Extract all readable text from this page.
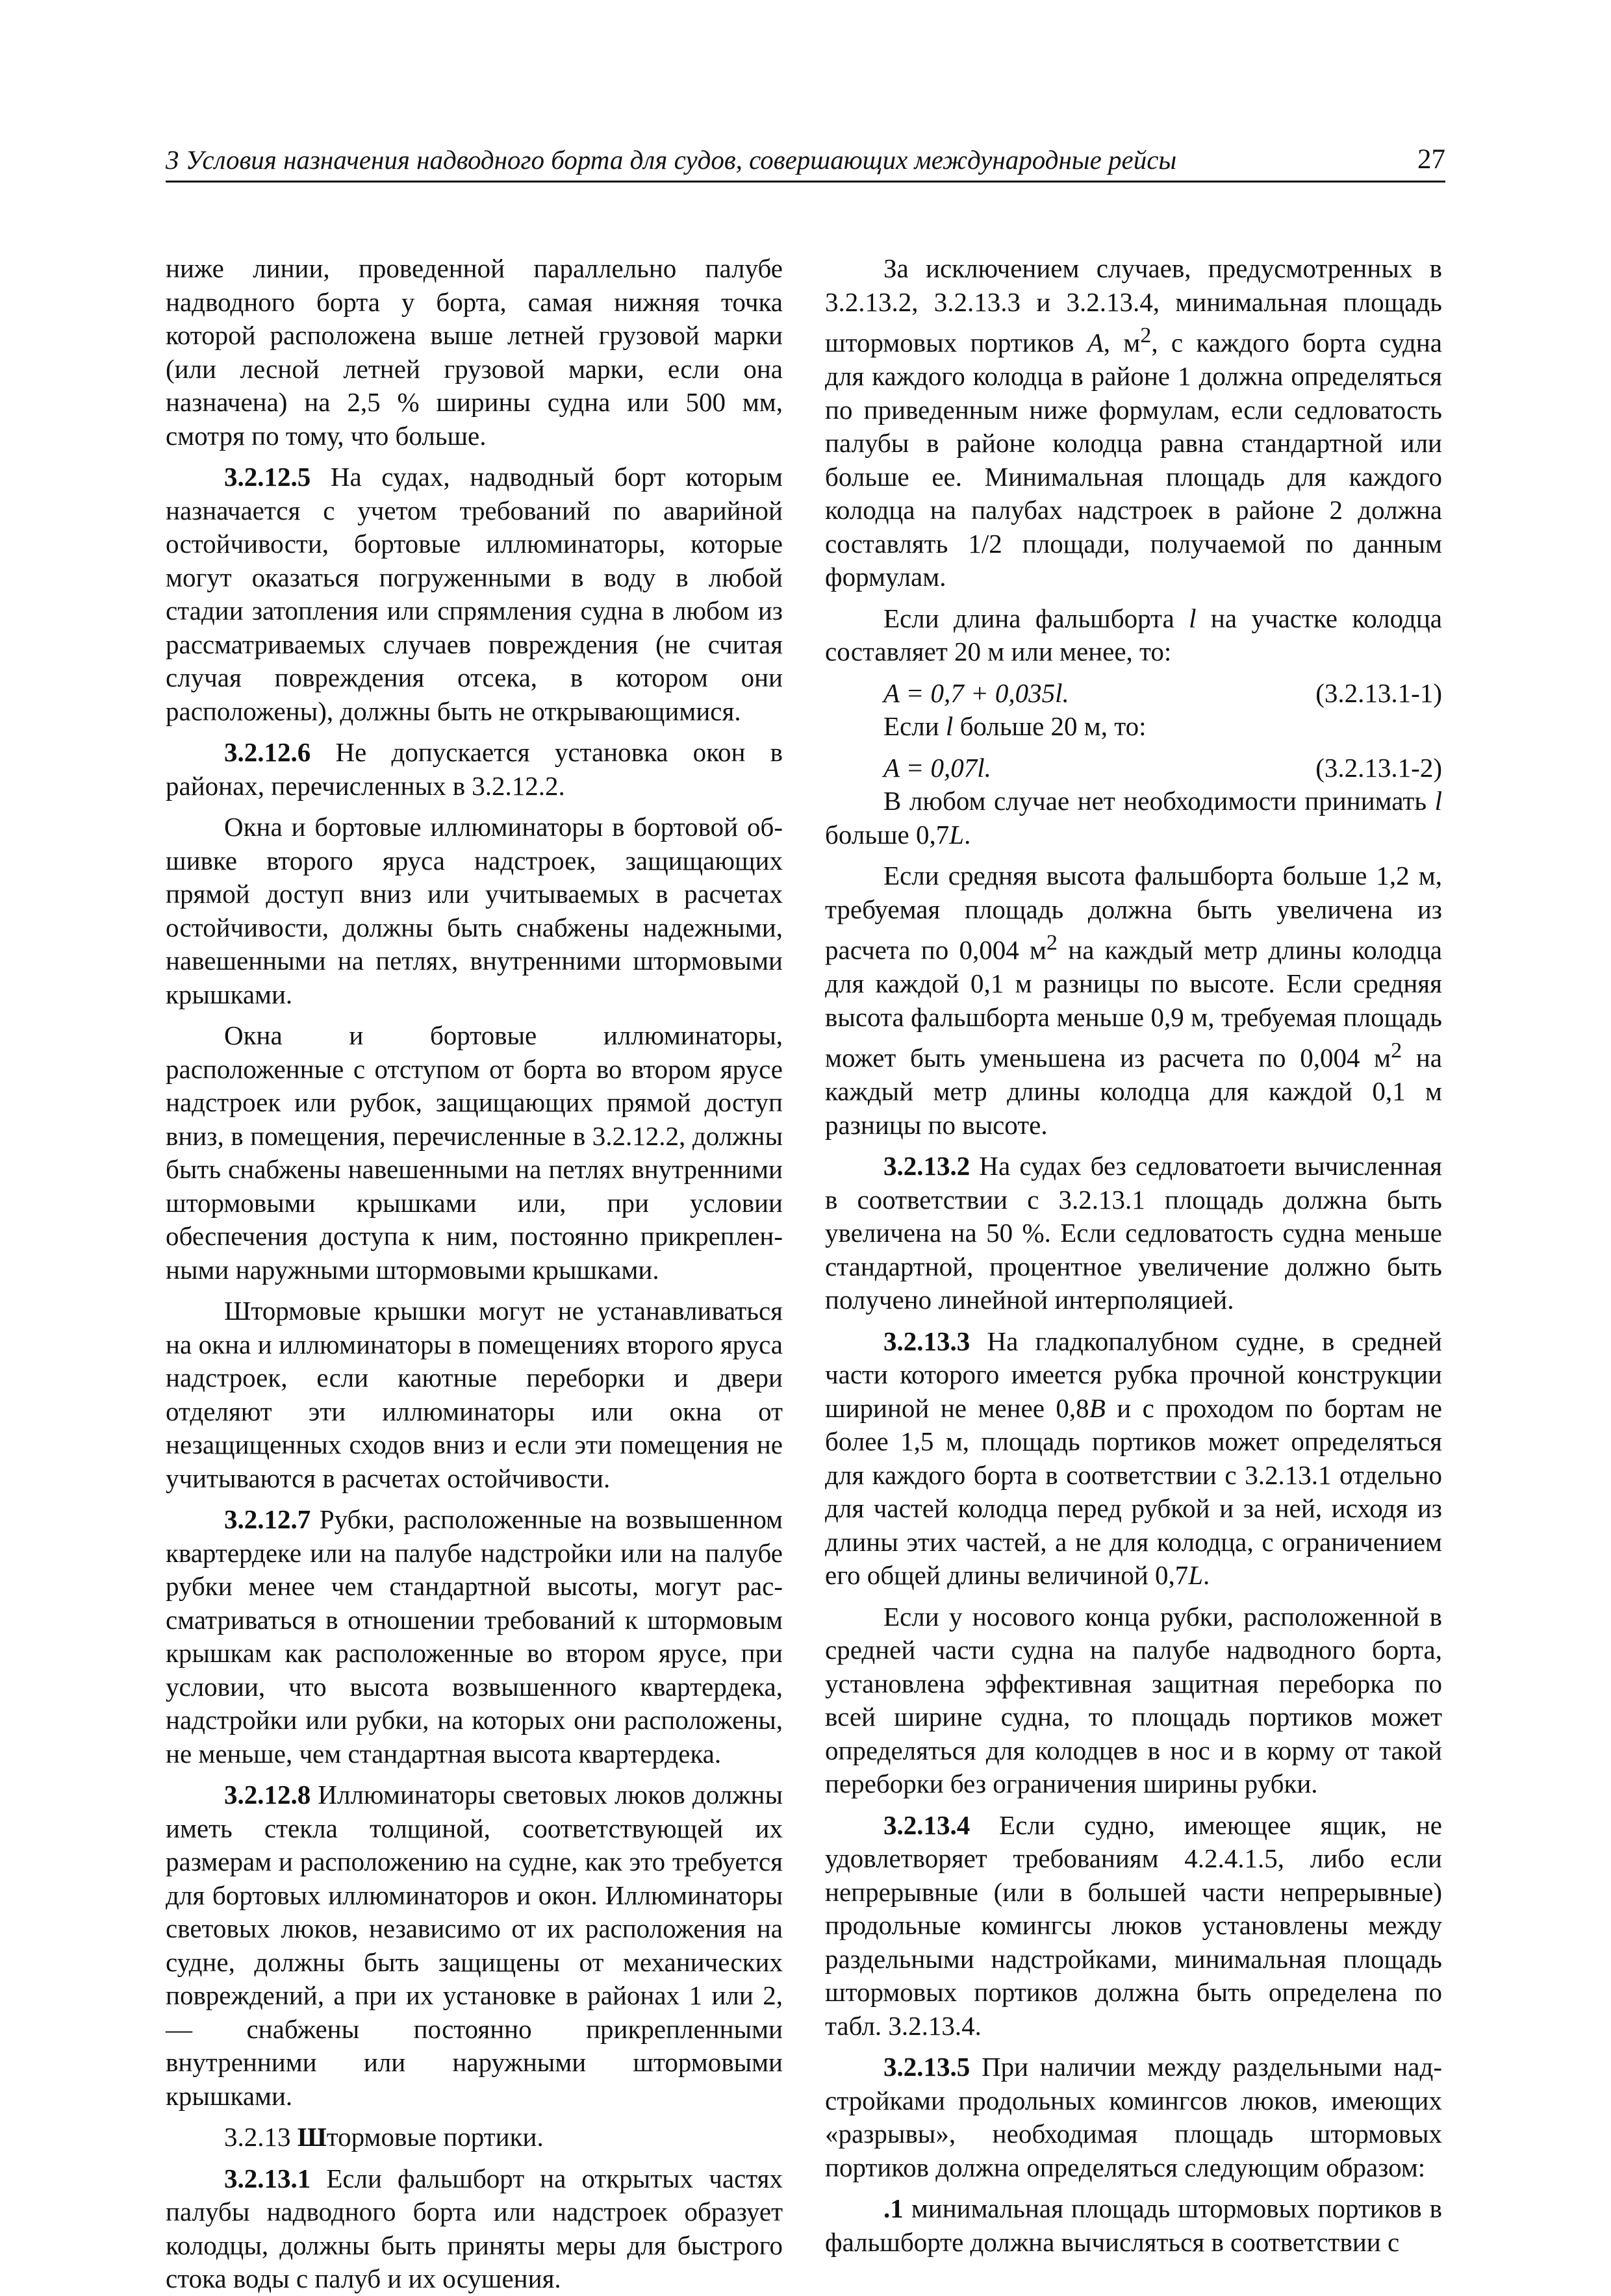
3 Условия назначения надводного борта для судов, совершающих международные рейсы	27

ниже линии, проведенной параллельно палубе надводного борта у борта, самая нижняя точка которой расположена выше летней грузовой марки (или лесной летней грузовой марки, если она назначена) на 2,5 % ширины судна или 500 мм, смотря по тому, что больше.

3.2.12.5 На судах, надводный борт которым назначается с учетом требований по аварийной остойчивости, бортовые иллюминаторы, которые могут оказаться погруженными в воду в любой стадии затопления или спрямления судна в любом из рассматриваемых случаев повреждения (не считая случая повреждения отсека, в котором они расположены), должны быть не открывающимися.

3.2.12.6 Не допускается установка окон в районах, перечисленных в 3.2.12.2.

Окна и бортовые иллюминаторы в бортовой обшивке второго яруса надстроек, защищающих прямой доступ вниз или учитываемых в расчетах остойчивости, должны быть снабжены надежными, навешенными на петлях, внутренними штормовыми крышками.

Окна и бортовые иллюминаторы, расположенные с отступом от борта во втором ярусе надстроек или рубок, защищающих прямой доступ вниз, в помещения, перечисленные в 3.2.12.2, должны быть снабжены навешенными на петлях внутренними штормовыми крышками или, при условии обеспечения доступа к ним, постоянно прикрепленными наружными штормовыми крышками.

Штормовые крышки могут не устанавливаться на окна и иллюминаторы в помещениях второго яруса надстроек, если каютные переборки и двери отделяют эти иллюминаторы или окна от незащищенных сходов вниз и если эти помещения не учитываются в расчетах остойчивости.

3.2.12.7 Рубки, расположенные на возвышенном квартердеке или на палубе надстройки или на палубе рубки менее чем стандартной высоты, могут рассматриваться в отношении требований к штормовым крышкам как расположенные во втором ярусе, при условии, что высота возвышенного квартердека, надстройки или рубки, на которых они расположены, не меньше, чем стандартная высота квартердека.

3.2.12.8 Иллюминаторы световых люков должны иметь стекла толщиной, соответствующей их размерам и расположению на судне, как это требуется для бортовых иллюминаторов и окон. Иллюминаторы световых люков, независимо от их расположения на судне, должны быть защищены от механических повреждений, а при их установке в районах 1 или 2, — снабжены постоянно прикрепленными внутренними или наружными штормовыми крышками.

3.2.13 Штормовые портики.

3.2.13.1 Если фальшборт на открытых частях палубы надводного борта или надстроек образует колодцы, должны быть приняты меры для быстрого стока воды с палуб и их осушения.

За исключением случаев, предусмотренных в 3.2.13.2, 3.2.13.3 и 3.2.13.4, минимальная площадь штормовых портиков A, $м^2$, с каждого борта судна для каждого колодца в районе 1 должна определяться по приведенным ниже формулам, если седловатость палубы в районе колодца равна стандартной или больше ее. Минимальная площадь для каждого колодца на палубах надстроек в районе 2 должна составлять 1/2 площади, получаемой по данным формулам.

Если длина фальшборта l на участке колодца составляет 20 м или менее, то:

A = 0,7 + 0,035l.	(3.2.13.1-1)

Если l больше 20 м, то:

A = 0,07l.	(3.2.13.1-2)

В любом случае нет необходимости принимать l больше 0,7L.

Если средняя высота фальшборта больше 1,2 м, требуемая площадь должна быть увеличена из расчета по 0,004 $м^2$ на каждый метр длины колодца для каждой 0,1 м разницы по высоте. Если средняя высота фальшборта меньше 0,9 м, требуемая площадь может быть уменьшена из расчета по 0,004 $м^2$ на каждый метр длины колодца для каждой 0,1 м разницы по высоте.

3.2.13.2 На судах без седловатоети вычисленная в соответствии с 3.2.13.1 площадь должна быть увеличена на 50 %. Если седловатость судна меньше стандартной, процентное увеличение должно быть получено линейной интерполяцией.

3.2.13.3 На гладкопалубном судне, в средней части которого имеется рубка прочной конструкции шириной не менее 0,8B и с проходом по бортам не более 1,5 м, площадь портиков может определяться для каждого борта в соответствии с 3.2.13.1 отдельно для частей колодца перед рубкой и за ней, исходя из длины этих частей, а не для колодца, с ограничением его общей длины величиной 0,7L.

Если у носового конца рубки, расположенной в средней части судна на палубе надводного борта, установлена эффективная защитная переборка по всей ширине судна, то площадь портиков может определяться для колодцев в нос и в корму от такой переборки без ограничения ширины рубки.

3.2.13.4 Если судно, имеющее ящик, не удовлетворяет требованиям 4.2.4.1.5, либо если непрерывные (или в большей части непрерывные) продольные комингсы люков установлены между раздельными надстройками, минимальная площадь штормовых портиков должна быть определена по табл. 3.2.13.4.

3.2.13.5 При наличии между раздельными надстройками продольных комингсов люков, имеющих «разрывы», необходимая площадь штормовых портиков должна определяться следующим образом:

.1 минимальная площадь штормовых портиков в фальшборте должна вычисляться в соответствии с
